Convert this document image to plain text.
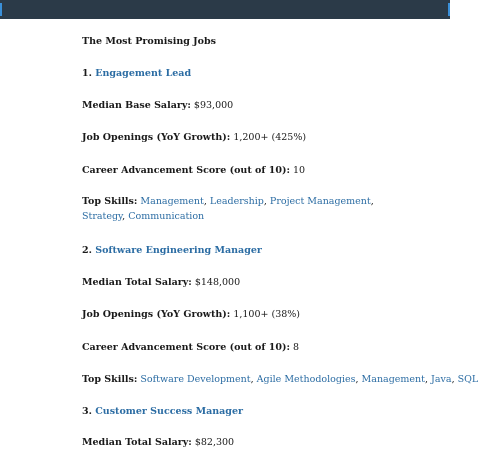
The Most Promising Jobs
1. Engagement Lead
Median Base Salary: $93,000
Job Openings (YoY Growth): 1,200+ (425%)
Career Advancement Score (out of 10): 10
Top Skills: Management, Leadership, Project Management, Strategy, Communication
2. Software Engineering Manager
Median Total Salary: $148,000
Job Openings (YoY Growth): 1,100+ (38%)
Career Advancement Score (out of 10): 8
Top Skills: Software Development, Agile Methodologies, Management, Java, SQL
3. Customer Success Manager
Median Total Salary: $82,300
